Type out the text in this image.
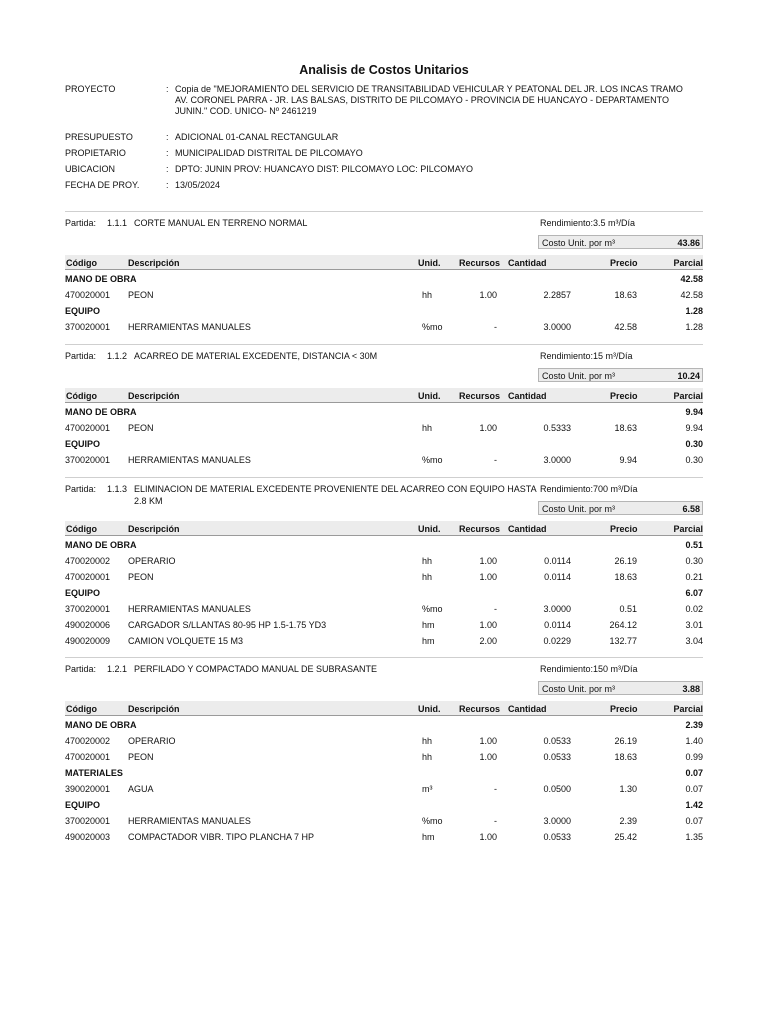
Analisis de Costos Unitarios
PROYECTO	: Copia de "MEJORAMIENTO DEL SERVICIO DE TRANSITABILIDAD VEHICULAR Y PEATONAL DEL JR. LOS INCAS TRAMO AV. CORONEL PARRA - JR. LAS BALSAS, DISTRITO DE PILCOMAYO - PROVINCIA DE HUANCAYO - DEPARTAMENTO JUNIN." COD. UNICO- Nº 2461219
PRESUPUESTO	: ADICIONAL 01-CANAL RECTANGULAR
PROPIETARIO	: MUNICIPALIDAD DISTRITAL DE PILCOMAYO
UBICACION	: DPTO: JUNIN PROV: HUANCAYO DIST: PILCOMAYO LOC: PILCOMAYO
FECHA DE PROY.	: 13/05/2024
Partida: 1.1.1 CORTE MANUAL EN TERRENO NORMAL	Rendimiento:3.5 m³/Día
Costo Unit. por m³	43.86
Código	Descripción	Unid. Recursos Cantidad	Precio	Parcial
MANO DE OBRA	42.58
470020001 PEON	hh	1.00	2.2857	18.63	42.58
EQUIPO	1.28
370020001 HERRAMIENTAS MANUALES	%mo	-	3.0000	42.58	1.28
Partida: 1.1.2 ACARREO DE MATERIAL EXCEDENTE, DISTANCIA < 30M	Rendimiento:15 m³/Día
Costo Unit. por m³	10.24
Código	Descripción	Unid. Recursos Cantidad	Precio	Parcial
MANO DE OBRA	9.94
470020001 PEON	hh	1.00	0.5333	18.63	9.94
EQUIPO	0.30
370020001 HERRAMIENTAS MANUALES	%mo	-	3.0000	9.94	0.30
Partida: 1.1.3 ELIMINACION DE MATERIAL EXCEDENTE PROVENIENTE DEL ACARREO CON EQUIPO HASTA
2.8 KM
Rendimiento:700 m³/Día
Costo Unit. por m³	6.58
Código	Descripción	Unid. Recursos Cantidad	Precio	Parcial
MANO DE OBRA	0.51
470020002 OPERARIO	hh	1.00	0.0114	26.19	0.30
470020001 PEON	hh	1.00	0.0114	18.63	0.21
EQUIPO	6.07
370020001 HERRAMIENTAS MANUALES	%mo	-	3.0000	0.51	0.02
490020006 CARGADOR S/LLANTAS 80-95 HP 1.5-1.75 YD3	hm	1.00	0.0114	264.12	3.01
490020009 CAMION VOLQUETE 15 M3	hm	2.00	0.0229	132.77	3.04
Partida: 1.2.1 PERFILADO Y COMPACTADO MANUAL DE SUBRASANTE	Rendimiento:150 m³/Día
Costo Unit. por m³	3.88
Código	Descripción	Unid. Recursos Cantidad	Precio	Parcial
MANO DE OBRA	2.39
470020002 OPERARIO	hh	1.00	0.0533	26.19	1.40
470020001 PEON	hh	1.00	0.0533	18.63	0.99
MATERIALES	0.07
390020001 AGUA	m³	-	0.0500	1.30	0.07
EQUIPO	1.42
370020001 HERRAMIENTAS MANUALES	%mo	-	3.0000	2.39	0.07
490020003 COMPACTADOR VIBR. TIPO PLANCHA 7 HP	hm	1.00	0.0533	25.42	1.35
